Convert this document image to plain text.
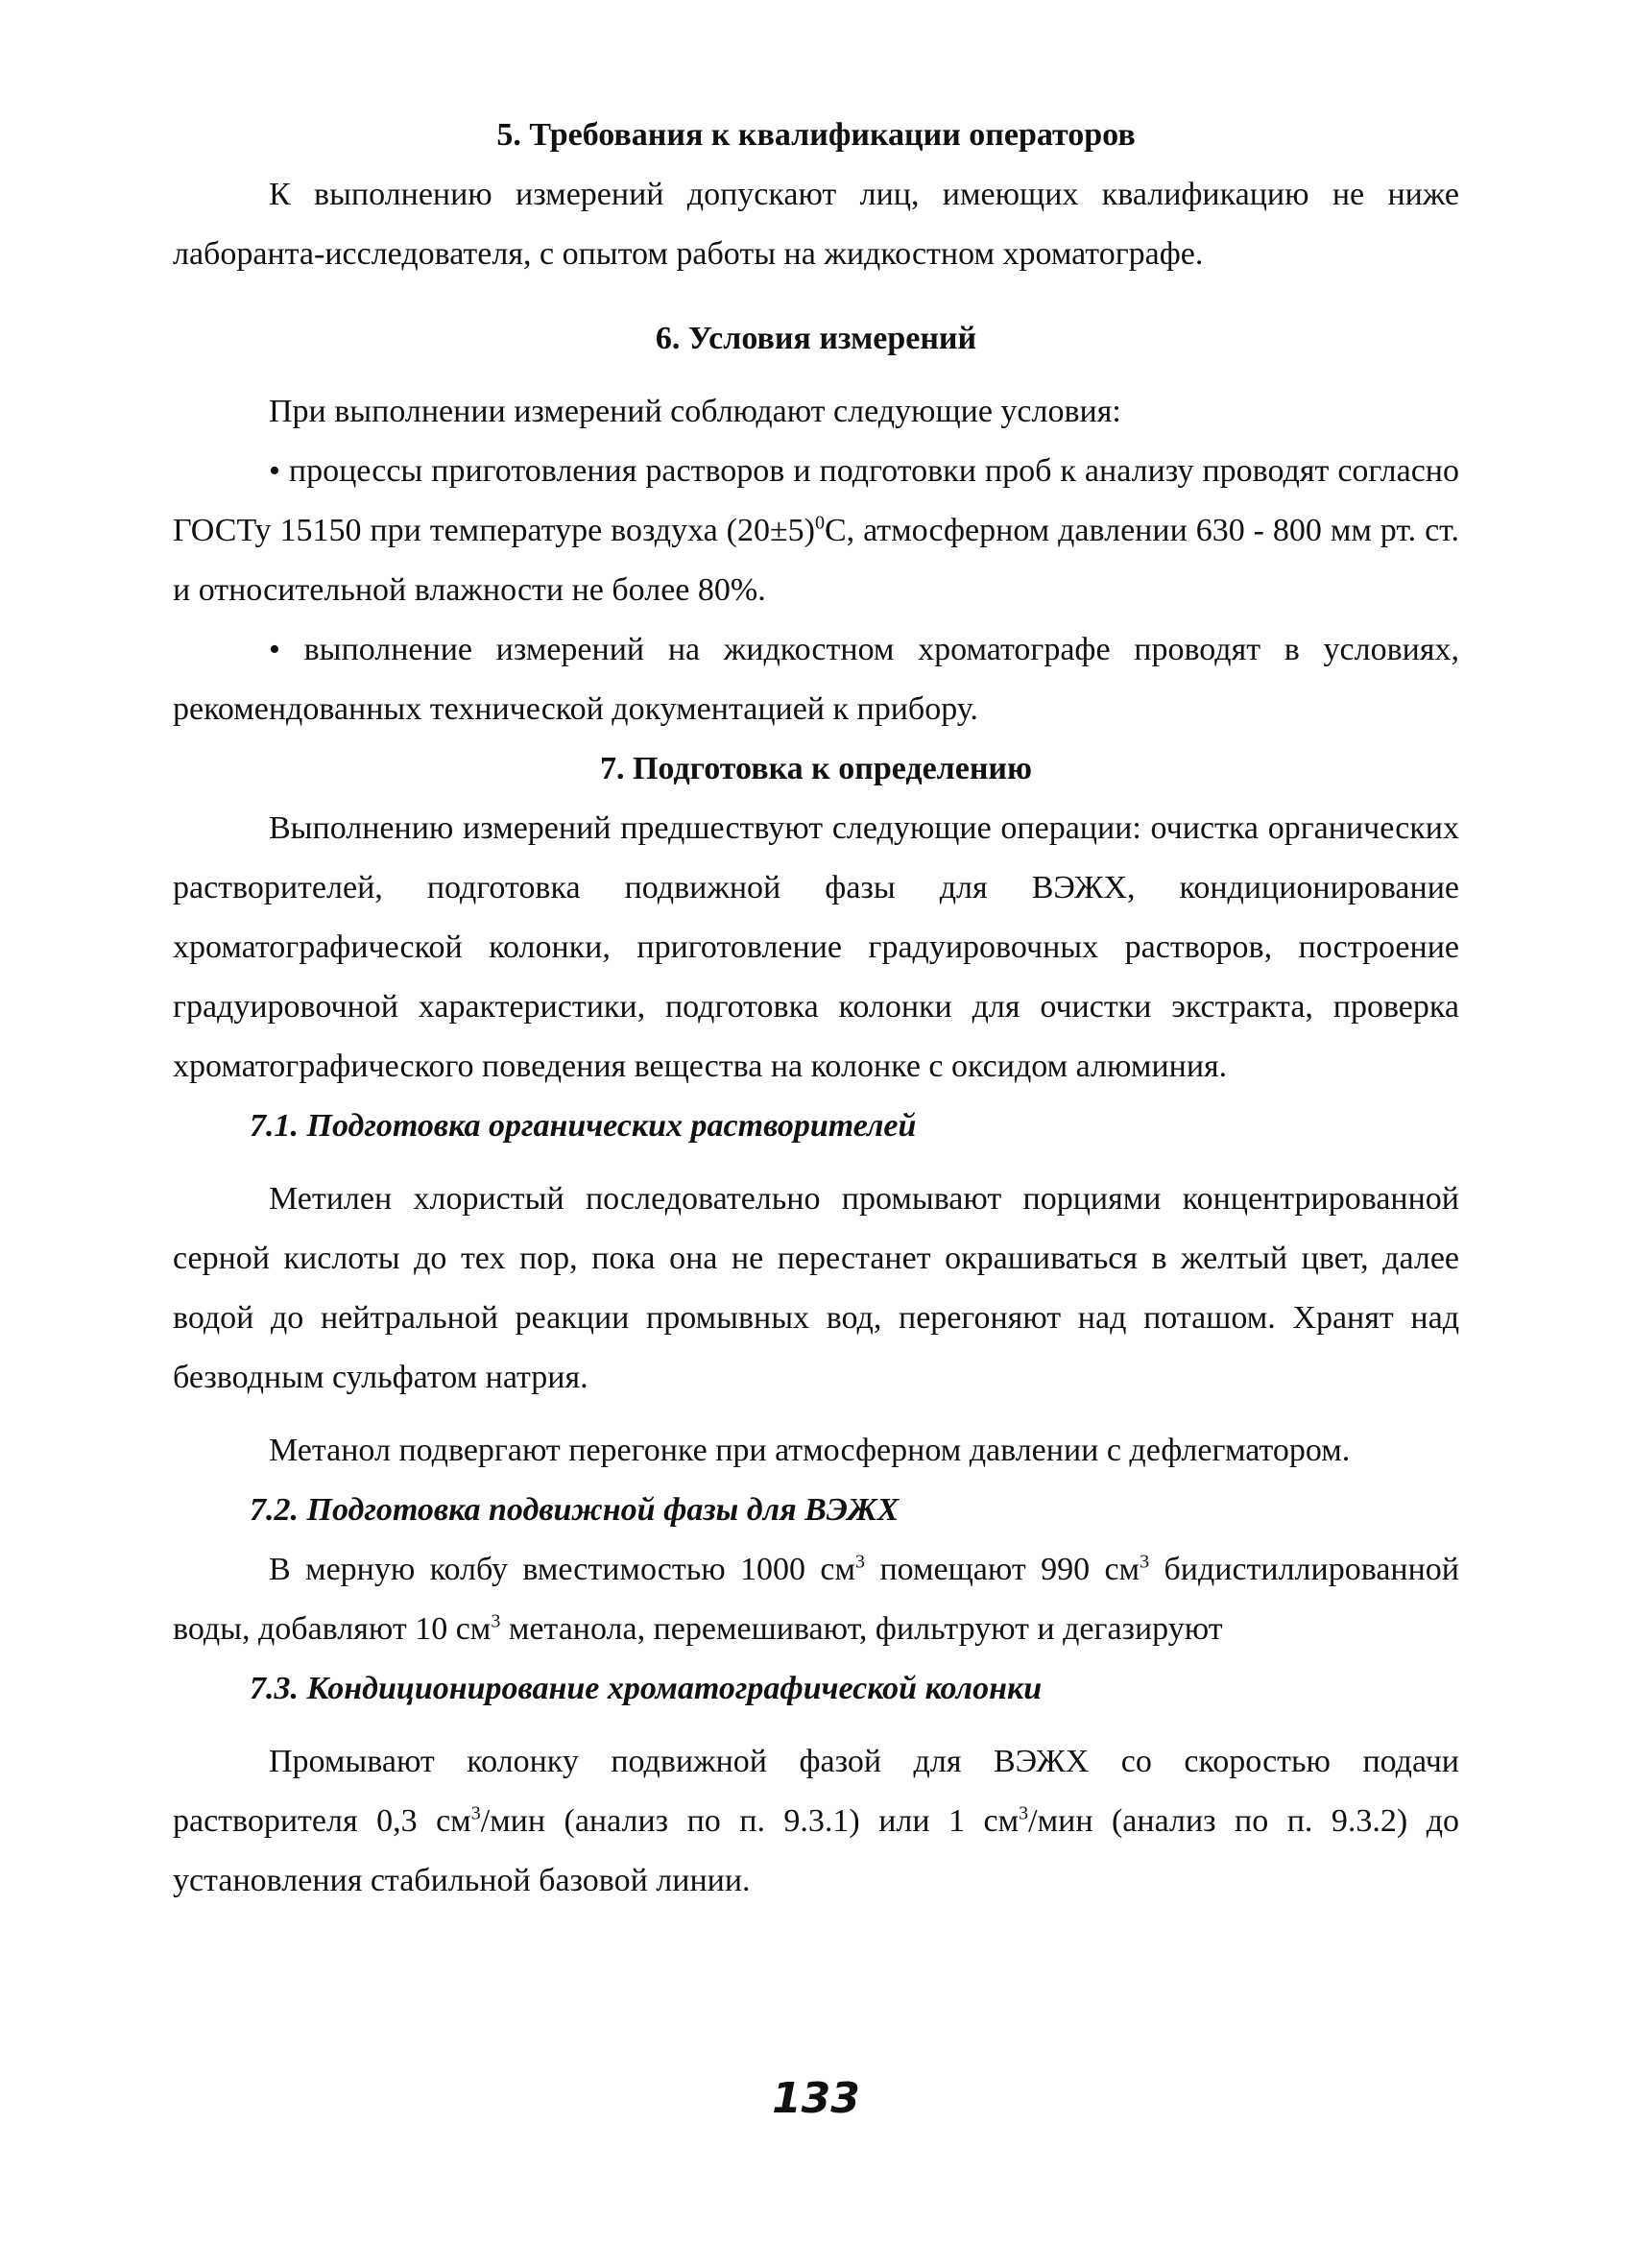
5. Требования к квалификации операторов

К выполнению измерений допускают лиц, имеющих квалификацию не ниже лаборанта-исследователя, с опытом работы на жидкостном хроматографе.

6. Условия измерений

При выполнении измерений соблюдают следующие условия:

• процессы приготовления растворов и подготовки проб к анализу проводят согласно ГОСТу 15150 при температуре воздуха $(20\pm 5)^0С$, атмосферном давлении 630 - 800 мм рт. ст. и относительной влажности не более 80%.

• выполнение измерений на жидкостном хроматографе проводят в условиях, рекомендованных технической документацией к прибору.

7. Подготовка к определению

Выполнению измерений предшествуют следующие операции: очистка органических растворителей, подготовка подвижной фазы для ВЭЖХ, кондиционирование хроматографической колонки, приготовление градуировочных растворов, построение градуировочной характеристики, подготовка колонки для очистки экстракта, проверка хроматографического поведения вещества на колонке с оксидом алюминия.

7.1. Подготовка органических растворителей

Метилен хлористый последовательно промывают порциями концентрированной серной кислоты до тех пор, пока она не перестанет окрашиваться в желтый цвет, далее водой до нейтральной реакции промывных вод, перегоняют над поташом. Хранят над безводным сульфатом натрия.

Метанол подвергают перегонке при атмосферном давлении с дефлегматором.

7.2. Подготовка подвижной фазы для ВЭЖХ

В мерную колбу вместимостью 1000 $см^3$ помещают 990 $см^3$ бидистиллированной воды, добавляют 10 $см^3$ метанола, перемешивают, фильтруют и дегазируют

7.3. Кондиционирование хроматографической колонки

Промывают колонку подвижной фазой для ВЭЖХ со скоростью подачи растворителя 0,3 $см^3$/мин (анализ по п. 9.3.1) или 1 $см^3$/мин (анализ по п. 9.3.2) до установления стабильной базовой линии.

133
